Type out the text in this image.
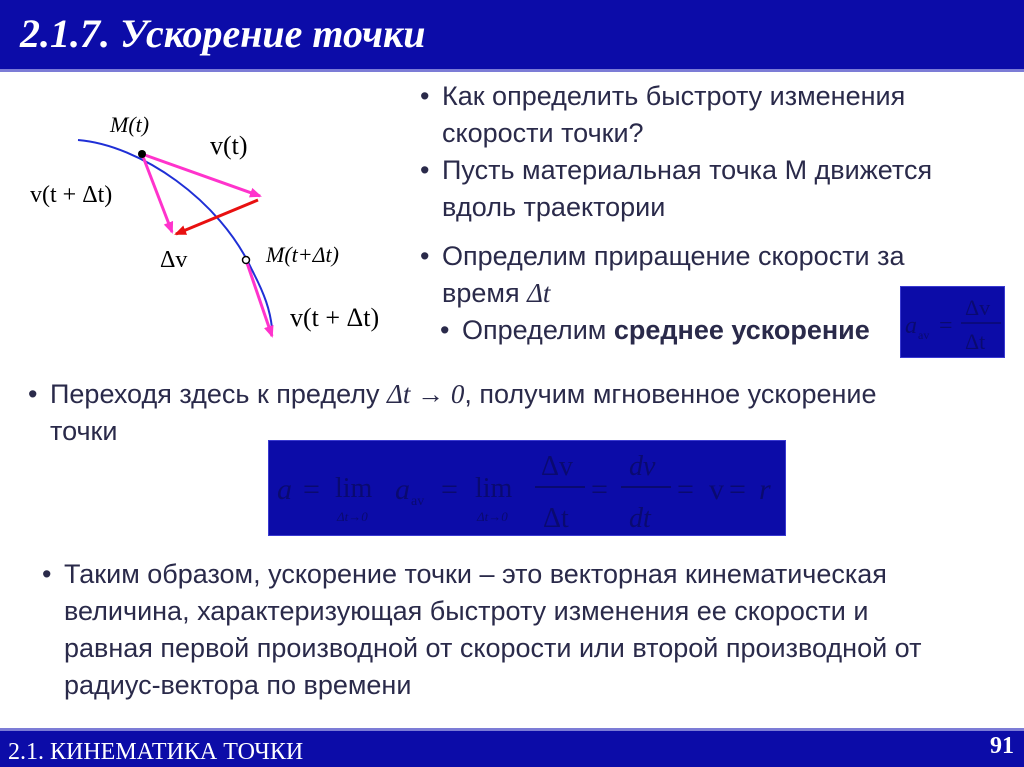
2.1.7. Ускорение точки
M(t)
v(t)
v(t + Δt)
Δv	M(t+Δt)
v(t + Δt)
• Как определить быстроту изменения
скорости точки?
• Пусть материальная точка М движется
вдоль траектории
• Определим приращение скорости за
время Δt
• Определим среднее ускорение a av =
Δv
Δt
• Переходя здесь к пределу Δt → 0, получим мгновенное ускорение
точки
a = lim
Δt→0
a av = lim
Δt→0
Δv
Δt
=
dv
dt
= v = r
• Таким образом, ускорение точки – это векторная кинематическая
величина, характеризующая быстроту изменения ее скорости и
равная первой производной от скорости или второй производной от
радиус-вектора по времени
2.1. КИНЕМАТИКА ТОЧКИ	91
